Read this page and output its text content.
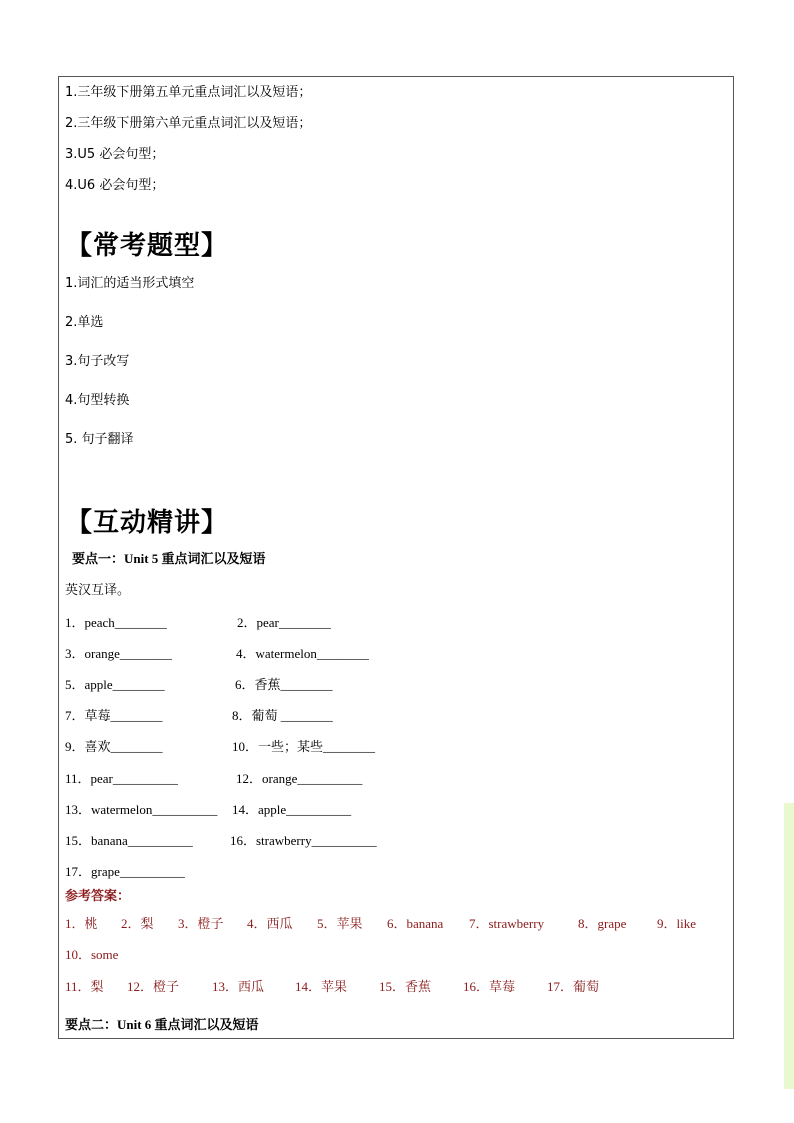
1.三年级下册第五单元重点词汇以及短语；
2.三年级下册第六单元重点词汇以及短语；
3.U5 必会句型；
4.U6 必会句型；
【常考题型】
1.词汇的适当形式填空
2.单选
3.句子改写
4.句型转换
5. 句子翻译
【互动精讲】
要点一：Unit 5 重点词汇以及短语
英汉互译。
1．peach________	2．pear________
3．orange________	4．watermelon________
5．apple________	6．香蕉________
7．草莓________	8．葡萄 ________
9．喜欢________	10．一些；某些________
11．pear__________	12．orange__________
13．watermelon__________ 14．apple__________
15．banana__________	16．strawberry__________
17．grape__________
参考答案：
1．桃 2．梨 3．橙子 4．西瓜 5．苹果 6．banana 7．strawberry	8．grape 9．like
10．some
11．梨 12．橙子	13．西瓜 14．苹果 15．香蕉 16．草莓 17．葡萄
要点二：Unit 6 重点词汇以及短语
